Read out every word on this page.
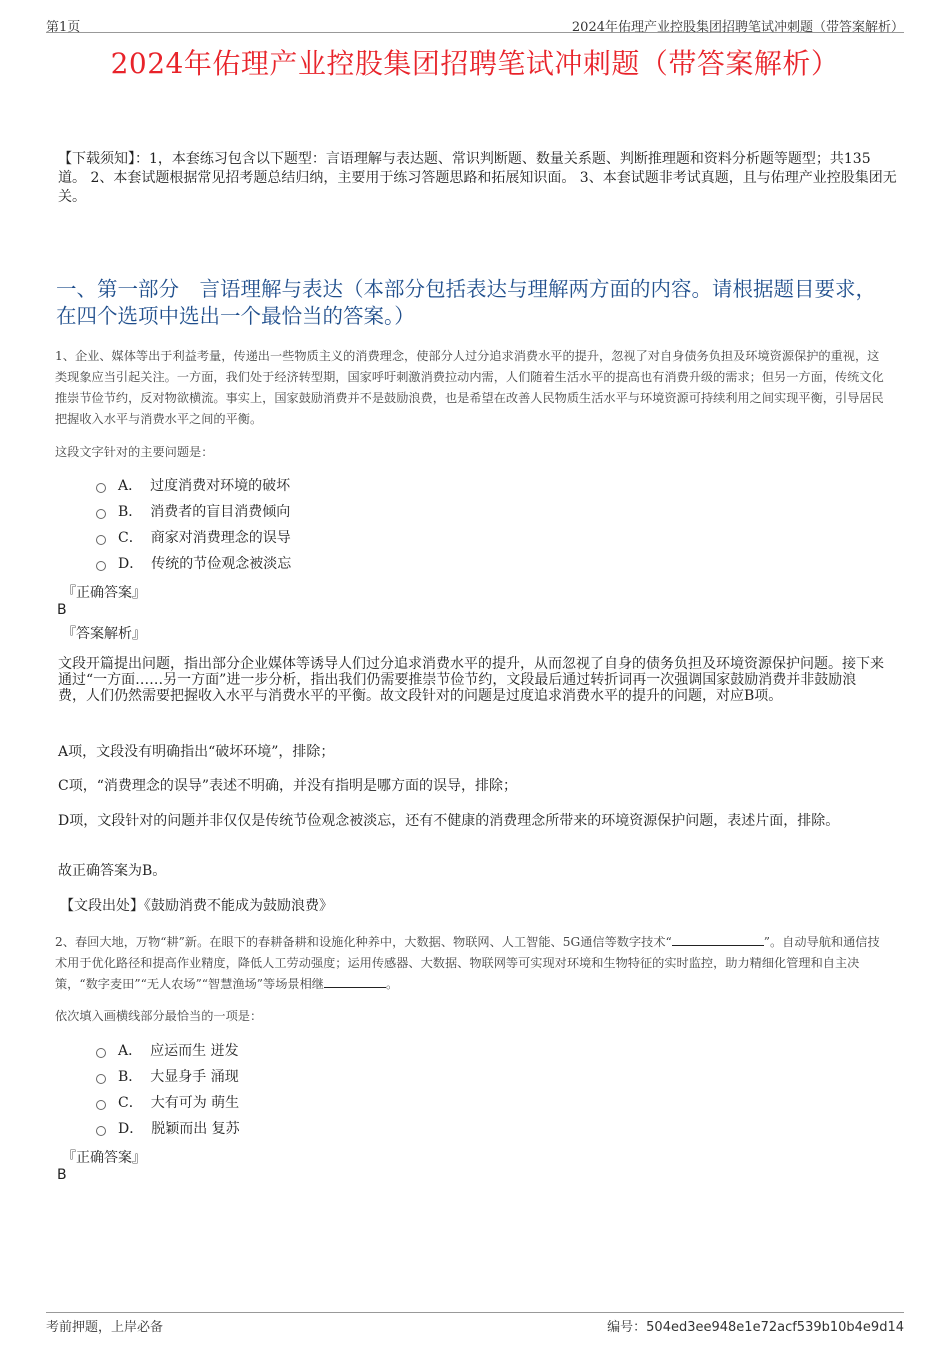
第1页	2024年佑理产业控股集团招聘笔试冲刺题（带答案解析）
2024年佑理产业控股集团招聘笔试冲刺题（带答案解析）
【下载须知】：1，本套练习包含以下题型：言语理解与表达题、常识判断题、数量关系题、判断推理题和资料分析题等题型；共135道。 2、本套试题根据常见招考题总结归纳，主要用于练习答题思路和拓展知识面。 3、本套试题非考试真题，且与佑理产业控股集团无关。
一、第一部分　言语理解与表达（本部分包括表达与理解两方面的内容。请根据题目要求，在四个选项中选出一个最恰当的答案。）
1、企业、媒体等出于利益考量，传递出一些物质主义的消费理念，使部分人过分追求消费水平的提升，忽视了对自身债务负担及环境资源保护的重视，这类现象应当引起关注。一方面，我们处于经济转型期，国家呼吁刺激消费拉动内需，人们随着生活水平的提高也有消费升级的需求；但另一方面，传统文化推崇节俭节约，反对物欲横流。事实上，国家鼓励消费并不是鼓励浪费，也是希望在改善人民物质生活水平与环境资源可持续利用之间实现平衡，引导居民把握收入水平与消费水平之间的平衡。
这段文字针对的主要问题是：
A． 过度消费对环境的破坏
B． 消费者的盲目消费倾向
C． 商家对消费理念的误导
D． 传统的节俭观念被淡忘
『正确答案』
B
『答案解析』
文段开篇提出问题，指出部分企业媒体等诱导人们过分追求消费水平的提升，从而忽视了自身的债务负担及环境资源保护问题。接下来通过“一方面……另一方面”进一步分析，指出我们仍需要推崇节俭节约，文段最后通过转折词再一次强调国家鼓励消费并非鼓励浪费，人们仍然需要把握收入水平与消费水平的平衡。故文段针对的问题是过度追求消费水平的提升的问题，对应B项。
A项，文段没有明确指出“破坏环境”，排除；
C项，“消费理念的误导”表述不明确，并没有指明是哪方面的误导，排除；
D项，文段针对的问题并非仅仅是传统节俭观念被淡忘，还有不健康的消费理念所带来的环境资源保护问题，表述片面，排除。
故正确答案为B。
【文段出处】《鼓励消费不能成为鼓励浪费》
2、春回大地，万物“耕”新。在眼下的春耕备耕和设施化种养中，大数据、物联网、人工智能、5G通信等数字技术“	”。自动导航和通信技术用于优化路径和提高作业精度，降低人工劳动强度；运用传感器、大数据、物联网等可实现对环境和生物特征的实时监控，助力精细化管理和自主决策，“数字麦田”“无人农场”“智慧渔场”等场景相继	。
依次填入画横线部分最恰当的一项是：
A． 应运而生 迸发
B． 大显身手 涌现
C． 大有可为 萌生
D． 脱颖而出 复苏
『正确答案』
B
考前押题，上岸必备	编号：504ed3ee948e1e72acf539b10b4e9d14
